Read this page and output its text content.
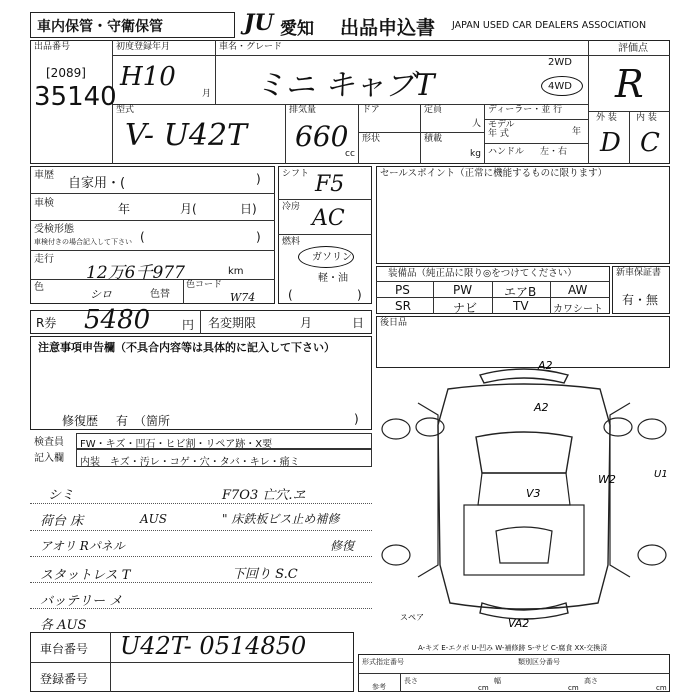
車内保管・守衛保管	JU 愛知 出品申込書 JAPAN USED CAR DEALERS ASSOCIATION
出品番号
[2089]
35140
初度登録年月
H10
月
車名・グレード
ミニ キャブT
2WD
4WD
評価点
R
外 装 内 装
D C
型式
V- U42T
排気量
660
cc
ドア
形状
定員
人
積載
kg
ディーラー・並 行
モデル
年 式	年
ハンドル 左・右
車歴
自家用・(	)
車検	年	月(	日)
受検形態
車検付きの場合記入して下さい (	)
走行
12万6千977	km
色
シロ	色替
色コード
W74
シフト F5
冷房 AC
燃料
ガソリン
軽・油
(	)
セールスポイント（正常に機能するものに限ります）
装備品（純正品に限り◎をつけてください）
PS	PW	エアB	AW
SR	ナビ	TV カワシート
新車保証書
有・無
R券 5480	円 名変期限	月	日 後日品
注意事項申告欄（不具合内容等は具体的に記入して下さい）
修復歴 有 （箇所	)
検査員
記入欄
FW・キズ・凹石・ヒビ割・リペア跡・X要
内装 キズ・汚レ・コゲ・穴・タバ・キレ・痛ミ
シミ	F7O3 亡穴.ヱ
荷台 床	AUS	" 床鉄板ビス止め補修
アオリ Rパネル	修復
スタットレス T	下回り S.C
バッテリー メ
各 AUS
A2
A2
W2	U1
V3
VA2
スペア
A-キズ E-エクボ U-凹み W-補修跡 S-サビ C-腐食 XX-交換済
車台番号 U42T- 0514850
登録番号
形式指定番号	類別区分番号
参考
長さ
cm
幅
cm
高さ
cm
